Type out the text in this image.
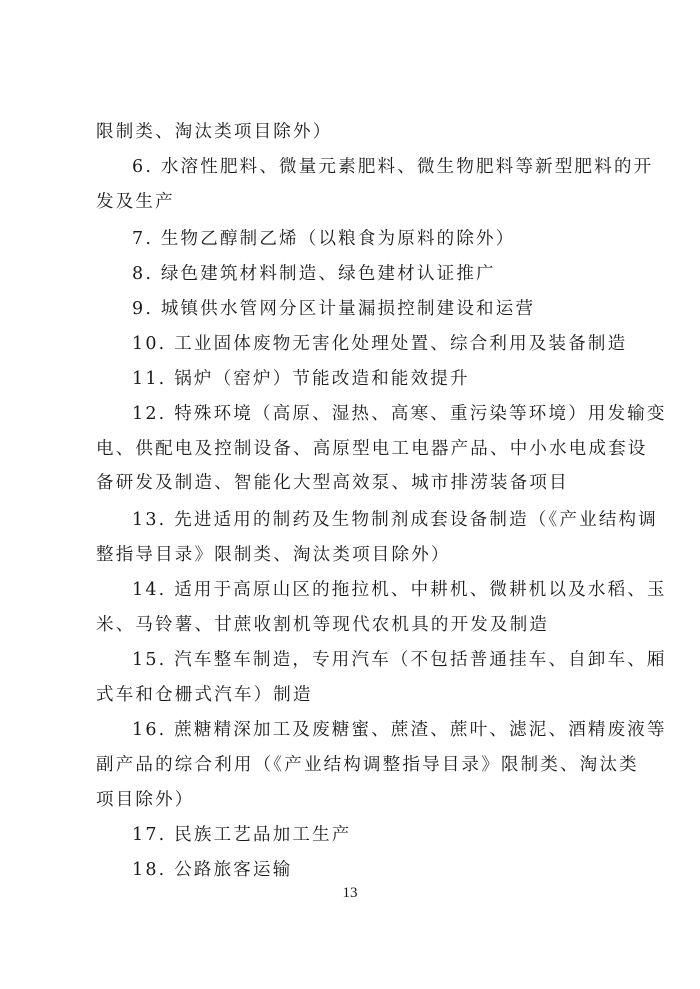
限制类、淘汰类项目除外）
6. 水溶性肥料、微量元素肥料、微生物肥料等新型肥料的开
发及生产
7. 生物乙醇制乙烯（以粮食为原料的除外）
8. 绿色建筑材料制造、绿色建材认证推广
9. 城镇供水管网分区计量漏损控制建设和运营
10. 工业固体废物无害化处理处置、综合利用及装备制造
11. 锅炉（窑炉）节能改造和能效提升
12. 特殊环境（高原、湿热、高寒、重污染等环境）用发输变
电、供配电及控制设备、高原型电工电器产品、中小水电成套设
备研发及制造、智能化大型高效泵、城市排涝装备项目
13. 先进适用的制药及生物制剂成套设备制造（《产业结构调
整指导目录》限制类、淘汰类项目除外）
14. 适用于高原山区的拖拉机、中耕机、微耕机以及水稻、玉
米、马铃薯、甘蔗收割机等现代农机具的开发及制造
15. 汽车整车制造，专用汽车（不包括普通挂车、自卸车、厢
式车和仓栅式汽车）制造
16. 蔗糖精深加工及废糖蜜、蔗渣、蔗叶、滤泥、酒精废液等
副产品的综合利用（《产业结构调整指导目录》限制类、淘汰类
项目除外）
17. 民族工艺品加工生产
18. 公路旅客运输
13
